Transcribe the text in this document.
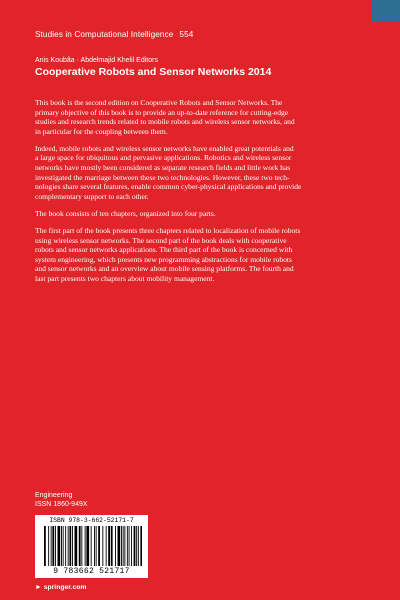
Studies in Computational Intelligence 554
Anis Koubâa · Abdelmajid Khelil Editors
Cooperative Robots and Sensor Networks 2014

This book is the second edition on Cooperative Robots and Sensor Networks. The
primary objective of this book is to provide an up-to-date reference for cutting-edge
studies and research trends related to mobile robots and wireless sensor networks, and
in particular for the coupling between them.

Indeed, mobile robots and wireless sensor networks have enabled great potentials and
a large space for ubiquitous and pervasive applications. Robotics and wireless sensor
networks have mostly been considered as separate research fields and little work has
investigated the marriage between these two technologies. However, these two tech-
nologies share several features, enable common cyber-physical applications and provide
complementary support to each other.

The book consists of ten chapters, organized into four parts.

The first part of the book presents three chapters related to localization of mobile robots
using wireless sensor networks. The second part of the book deals with cooperative
robots and sensor networks applications. The third part of the book is concerned with
system engineering, which presents new programming abstractions for mobile robots
and sensor networks and an overview about mobile sensing platforms. The fourth and
last part presents two chapters about mobility management.

Engineering
ISSN 1860-949X
ISBN 978-3-662-52171-7
9 783662 521717
► springer.com
